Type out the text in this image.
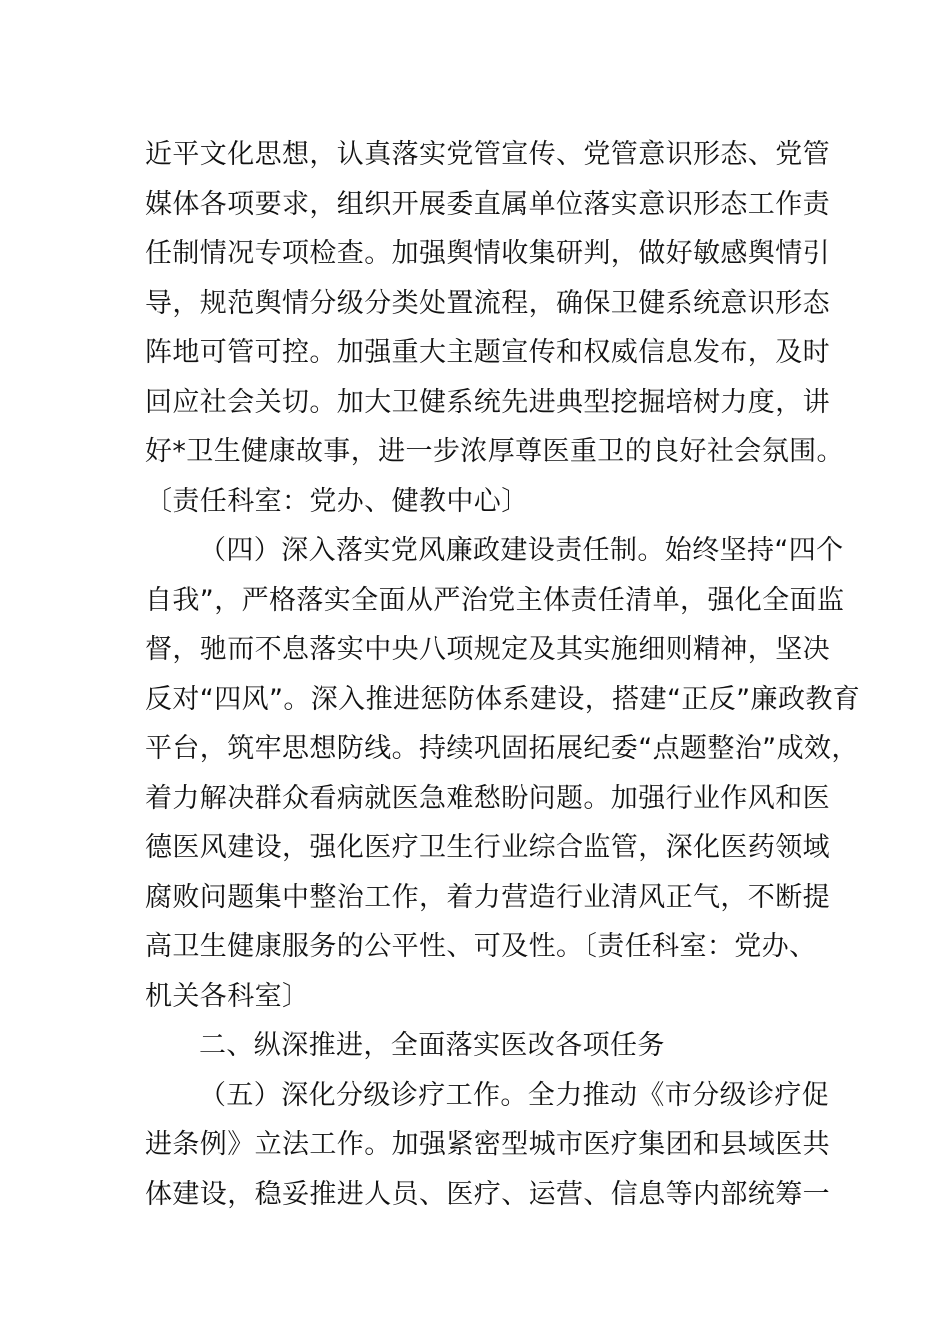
近平文化思想，认真落实党管宣传、党管意识形态、党管
媒体各项要求，组织开展委直属单位落实意识形态工作责
任制情况专项检查。加强舆情收集研判，做好敏感舆情引
导，规范舆情分级分类处置流程，确保卫健系统意识形态
阵地可管可控。加强重大主题宣传和权威信息发布，及时
回应社会关切。加大卫健系统先进典型挖掘培树力度，讲
好*卫生健康故事，进一步浓厚尊医重卫的良好社会氛围。
〔责任科室：党办、健教中心〕
（四）深入落实党风廉政建设责任制。始终坚持“四个
自我”，严格落实全面从严治党主体责任清单，强化全面监
督，驰而不息落实中央八项规定及其实施细则精神，坚决
反对“四风”。深入推进惩防体系建设，搭建“正反”廉政教育
平台，筑牢思想防线。持续巩固拓展纪委“点题整治”成效，
着力解决群众看病就医急难愁盼问题。加强行业作风和医
德医风建设，强化医疗卫生行业综合监管，深化医药领域
腐败问题集中整治工作，着力营造行业清风正气，不断提
高卫生健康服务的公平性、可及性。〔责任科室：党办、
机关各科室〕
二、纵深推进，全面落实医改各项任务
（五）深化分级诊疗工作。全力推动《市分级诊疗促
进条例》立法工作。加强紧密型城市医疗集团和县域医共
体建设，稳妥推进人员、医疗、运营、信息等内部统筹一
